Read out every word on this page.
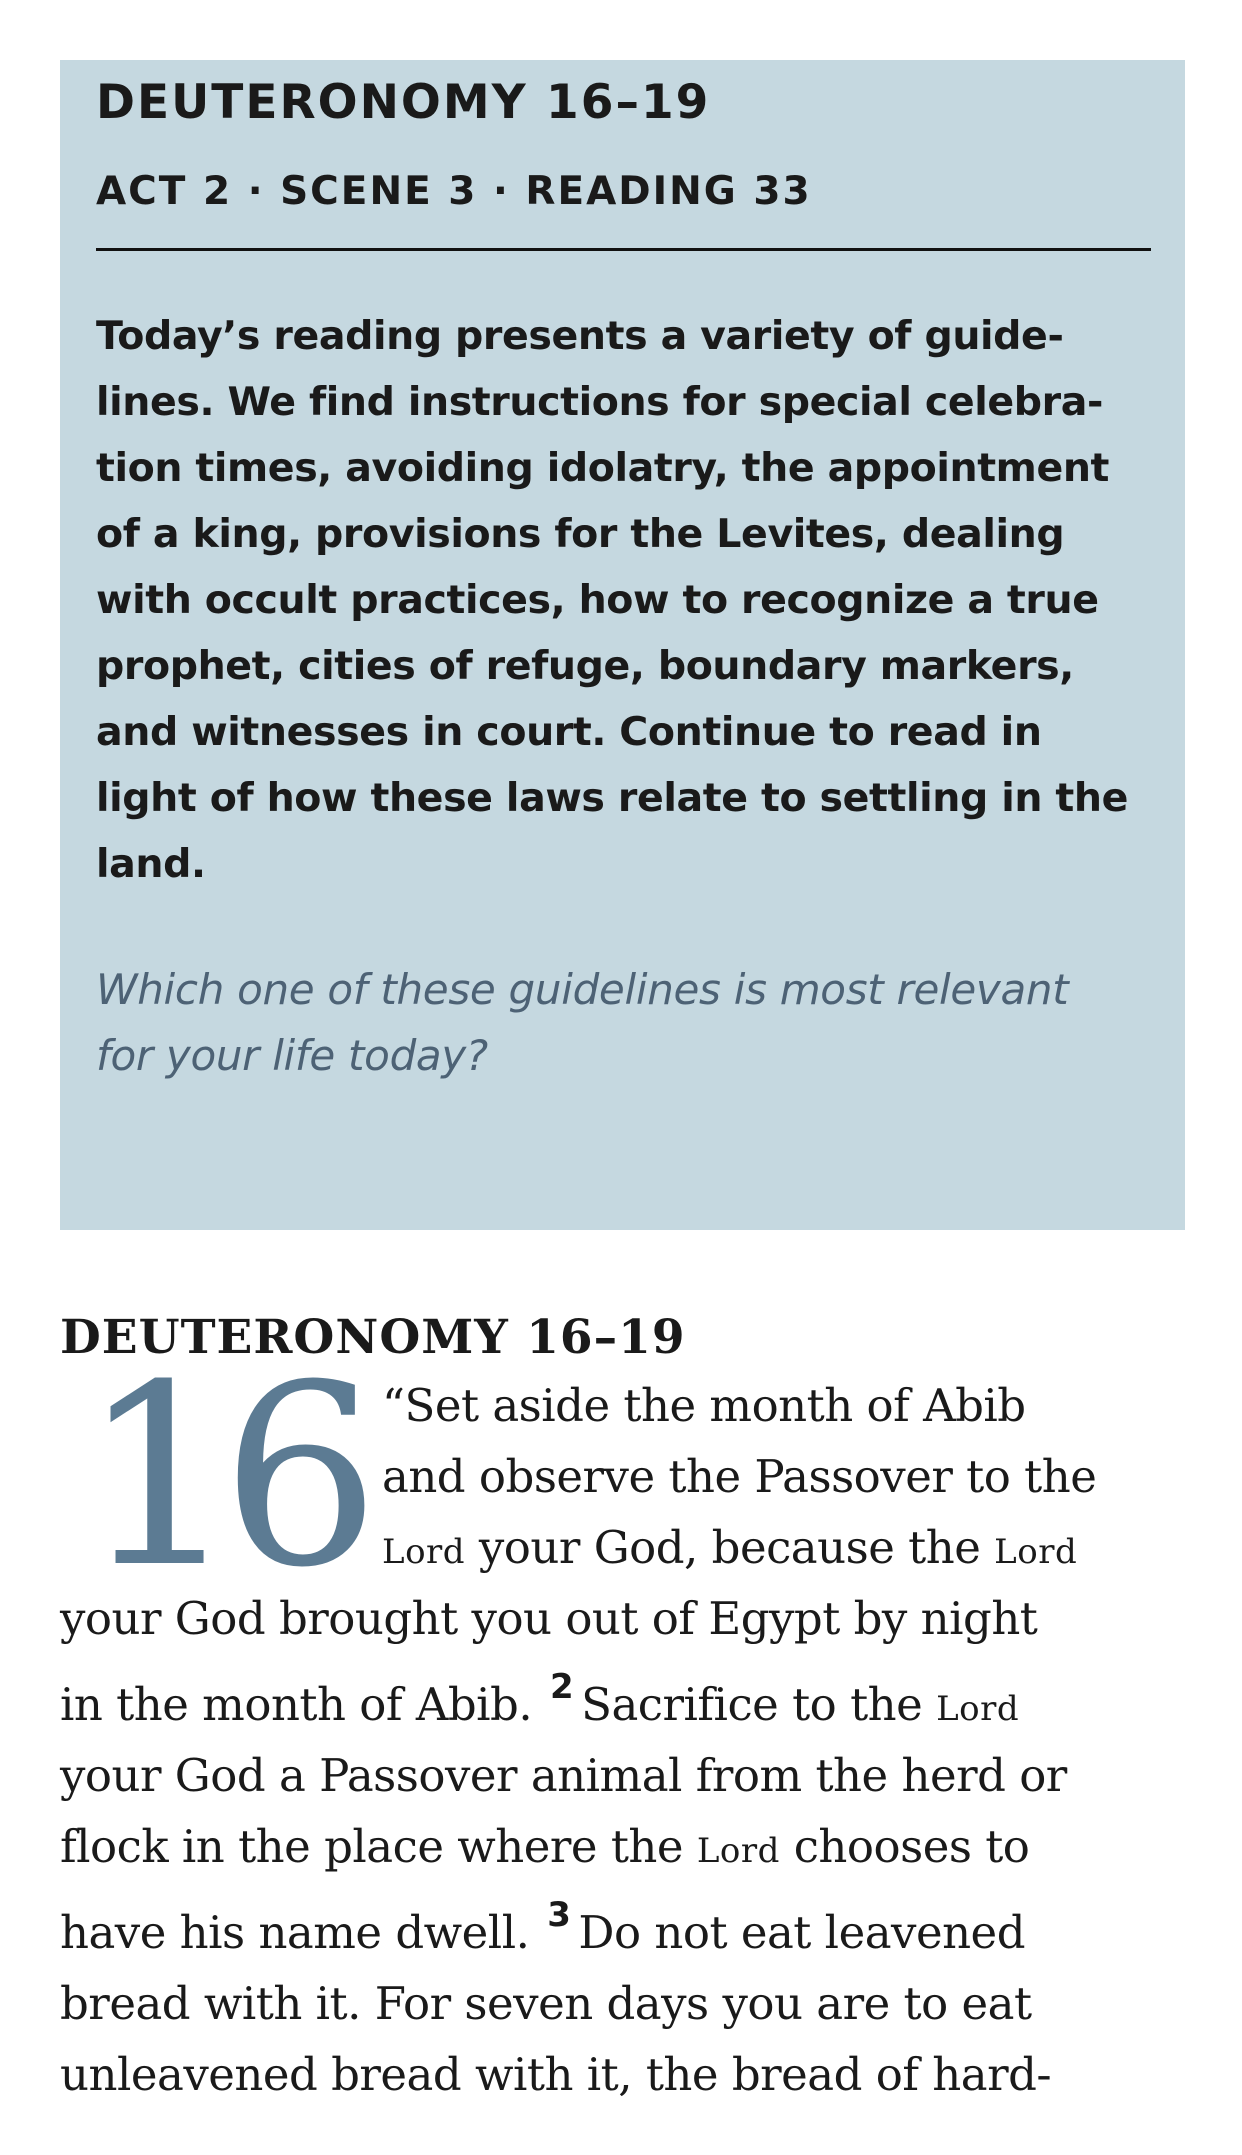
DEUTERONOMY 16–19
ACT 2 · SCENE 3 · READING 33
Today’s reading presents a variety of guide-
lines. We find instructions for special celebra-
tion times, avoiding idolatry, the appointment
of a king, provisions for the Levites, dealing
with occult practices, how to recognize a true
prophet, cities of refuge, boundary markers,
and witnesses in court. Continue to read in
light of how these laws relate to settling in the
land.
Which one of these guidelines is most relevant
for your life today?
DEUTERONOMY 16–19
16 “Set aside the month of Abib
and observe the Passover to the
Lord your God, because the Lord
your God brought you out of Egypt by night
in the month of Abib. $^2$ Sacrifice to the Lord
your God a Passover animal from the herd or
flock in the place where the Lord chooses to
have his name dwell. $^3$ Do not eat leavened
bread with it. For seven days you are to eat
unleavened bread with it, the bread of hard-
